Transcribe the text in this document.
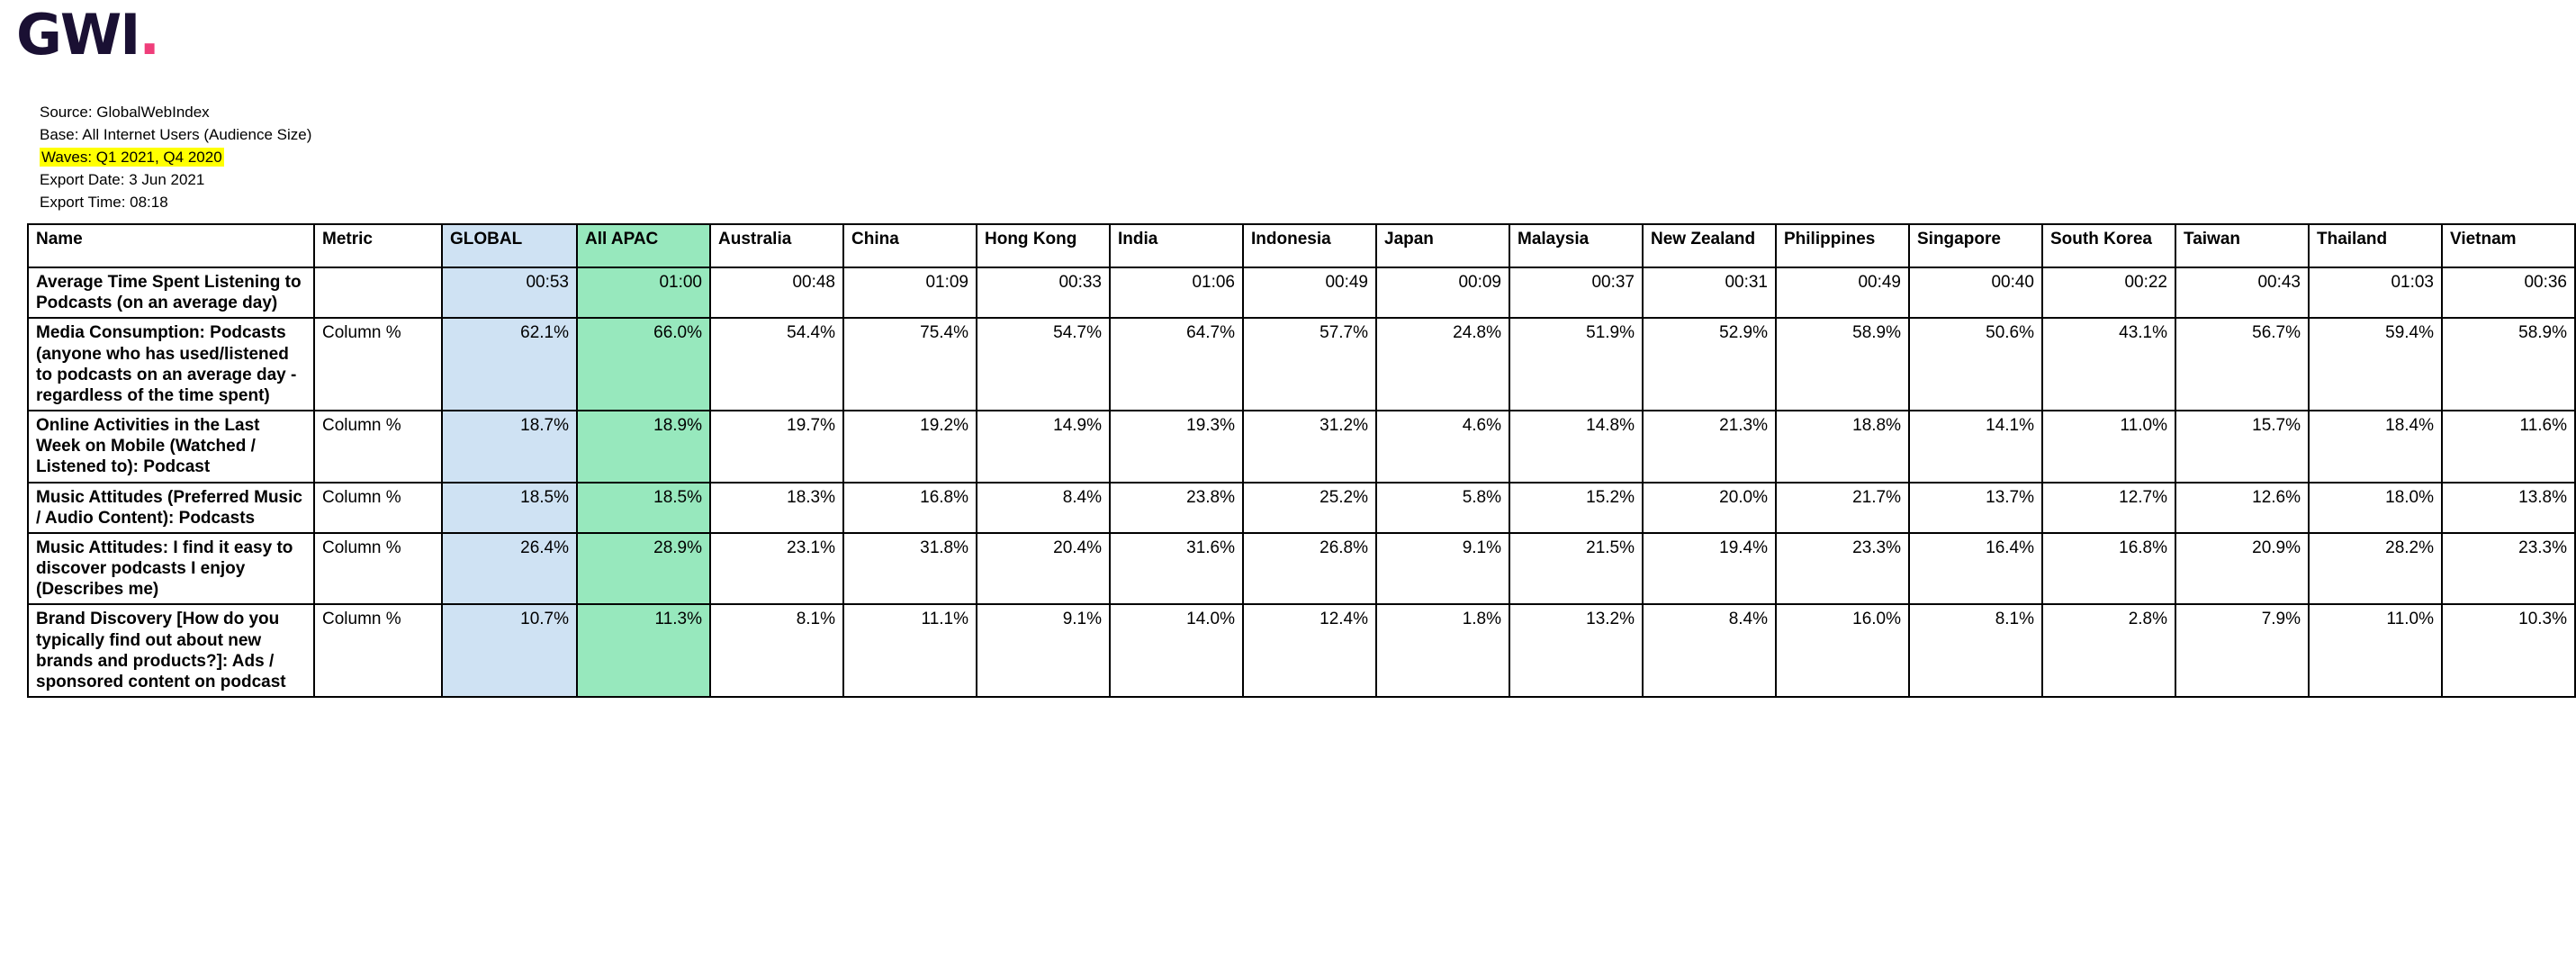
GWI.
Source: GlobalWebIndex
Base: All Internet Users (Audience Size)
Waves: Q1 2021, Q4 2020
Export Date: 3 Jun 2021
Export Time: 08:18
Name	Metric	GLOBAL	All APAC	Australia	China	Hong Kong	India	Indonesia	Japan	Malaysia	New Zealand	Philippines	Singapore	South Korea	Taiwan	Thailand	Vietnam
Average Time Spent Listening to Podcasts (on an average day)		00:53	01:00	00:48	01:09	00:33	01:06	00:49	00:09	00:37	00:31	00:49	00:40	00:22	00:43	01:03	00:36
Media Consumption: Podcasts (anyone who has used/listened to podcasts on an average day - regardless of the time spent)	Column %	62.1%	66.0%	54.4%	75.4%	54.7%	64.7%	57.7%	24.8%	51.9%	52.9%	58.9%	50.6%	43.1%	56.7%	59.4%	58.9%
Online Activities in the Last Week on Mobile (Watched / Listened to): Podcast	Column %	18.7%	18.9%	19.7%	19.2%	14.9%	19.3%	31.2%	4.6%	14.8%	21.3%	18.8%	14.1%	11.0%	15.7%	18.4%	11.6%
Music Attitudes (Preferred Music / Audio Content): Podcasts	Column %	18.5%	18.5%	18.3%	16.8%	8.4%	23.8%	25.2%	5.8%	15.2%	20.0%	21.7%	13.7%	12.7%	12.6%	18.0%	13.8%
Music Attitudes: I find it easy to discover podcasts I enjoy (Describes me)	Column %	26.4%	28.9%	23.1%	31.8%	20.4%	31.6%	26.8%	9.1%	21.5%	19.4%	23.3%	16.4%	16.8%	20.9%	28.2%	23.3%
Brand Discovery [How do you typically find out about new brands and products?]: Ads / sponsored content on podcast	Column %	10.7%	11.3%	8.1%	11.1%	9.1%	14.0%	12.4%	1.8%	13.2%	8.4%	16.0%	8.1%	2.8%	7.9%	11.0%	10.3%
